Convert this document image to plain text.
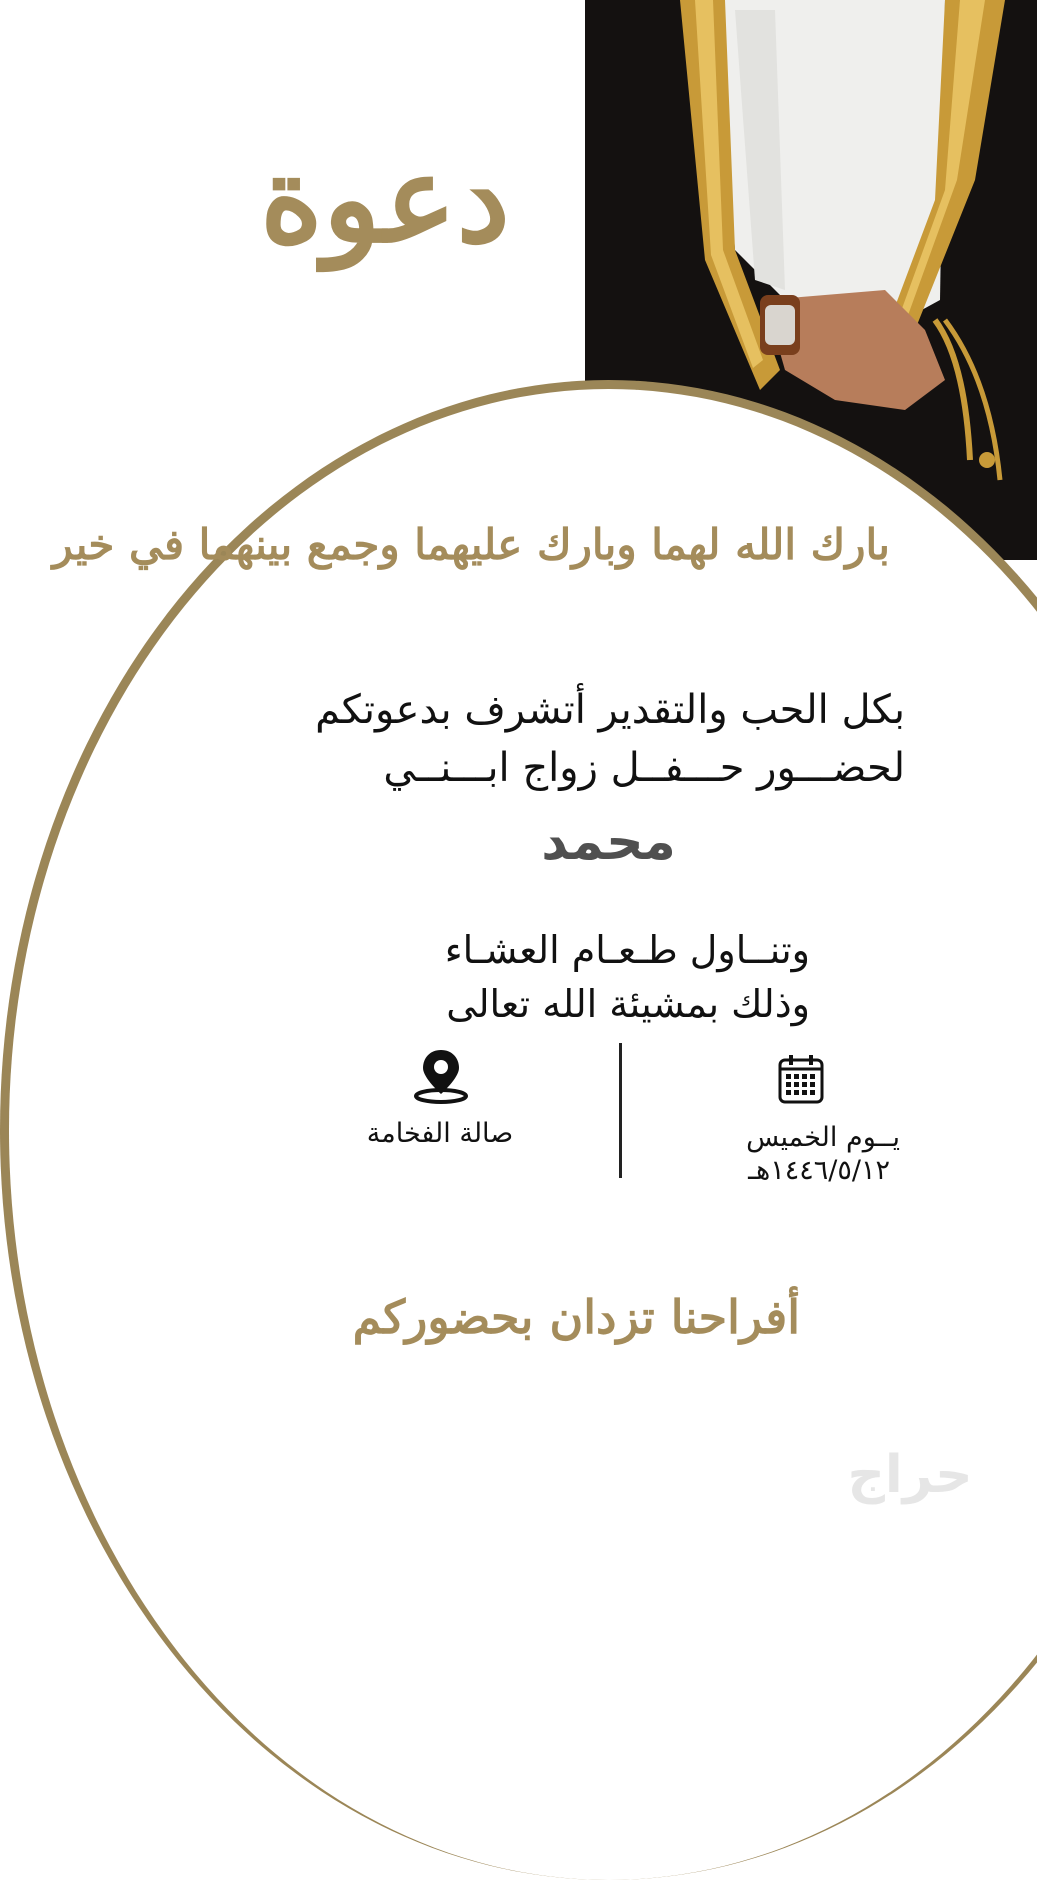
دعوة
بارك الله لهما وبارك عليهما وجمع بينهما في خير
بكل الحب والتقدير أتشرف بدعوتكم
لحضـــور حـــفــل زواج ابـــنــي
محمد
وتنــاول طـعـام العشـاء
وذلك بمشيئة الله تعالى
صالة الفخامة	يــوم الخميس
١٤٤٦/٥/١٢هـ
أفراحنا تزدان بحضوركم
حراج
